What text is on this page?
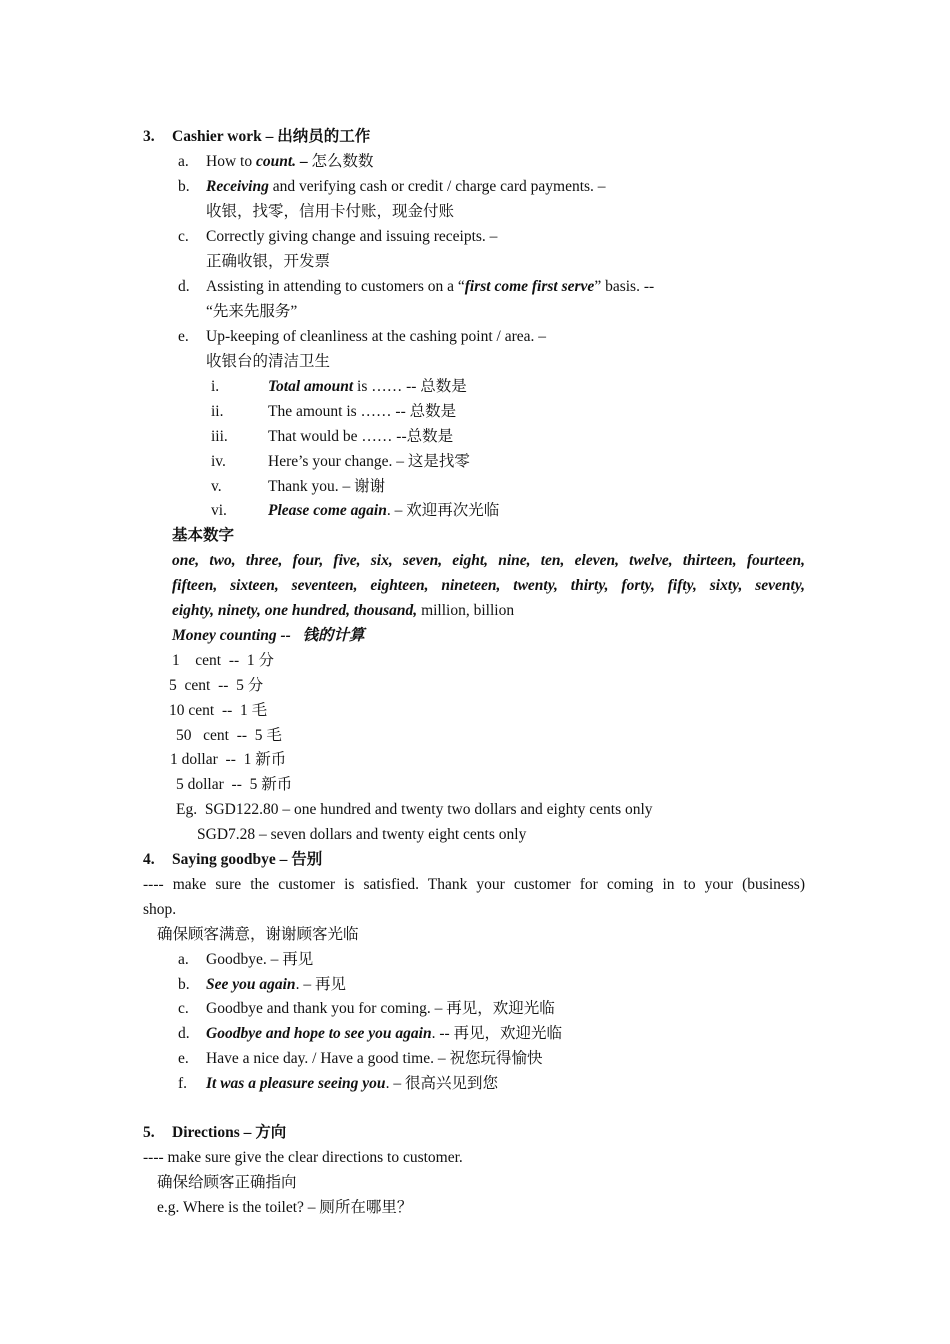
3. Cashier work – 出纳员的工作
a. How to count. – 怎么数数
b. Receiving and verifying cash or credit / charge card payments. –
收银，找零，信用卡付账，现金付账
c. Correctly giving change and issuing receipts. –
正确收银，开发票
d. Assisting in attending to customers on a “first come first serve” basis. --
“先来先服务”
e. Up-keeping of cleanliness at the cashing point / area. –
收银台的清洁卫生
i.	Total amount is …… -- 总数是
ii.	The amount is …… -- 总数是
iii.	That would be …… --总数是
iv.	Here’s your change. – 这是找零
v.	Thank you. – 谢谢
vi.	Please come again. – 欢迎再次光临
基本数字
one, two, three, four, five, six, seven, eight, nine, ten, eleven, twelve, thirteen, fourteen,
fifteen, sixteen, seventeen, eighteen, nineteen, twenty, thirty, forty, fifty, sixty, seventy,
eighty, ninety, one hundred, thousand, million, billion
Money counting --   钱的计算
1    cent  --  1 分
5  cent  --  5 分
10 cent  --  1 毛
50   cent  --  5 毛
1 dollar  --  1 新币
5 dollar  --  5 新币
Eg.  SGD122.80 – one hundred and twenty two dollars and eighty cents only
SGD7.28 – seven dollars and twenty eight cents only
4. Saying goodbye – 告别
---- make sure the customer is satisfied. Thank your customer for coming in to your (business)
shop.
确保顾客满意，谢谢顾客光临
a. Goodbye. – 再见
b. See you again. – 再见
c. Goodbye and thank you for coming. – 再见，欢迎光临
d. Goodbye and hope to see you again. -- 再见，欢迎光临
e. Have a nice day. / Have a good time. – 祝您玩得愉快
f. It was a pleasure seeing you. – 很高兴见到您
5. Directions – 方向
---- make sure give the clear directions to customer.
确保给顾客正确指向
e.g. Where is the toilet? – 厕所在哪里？
